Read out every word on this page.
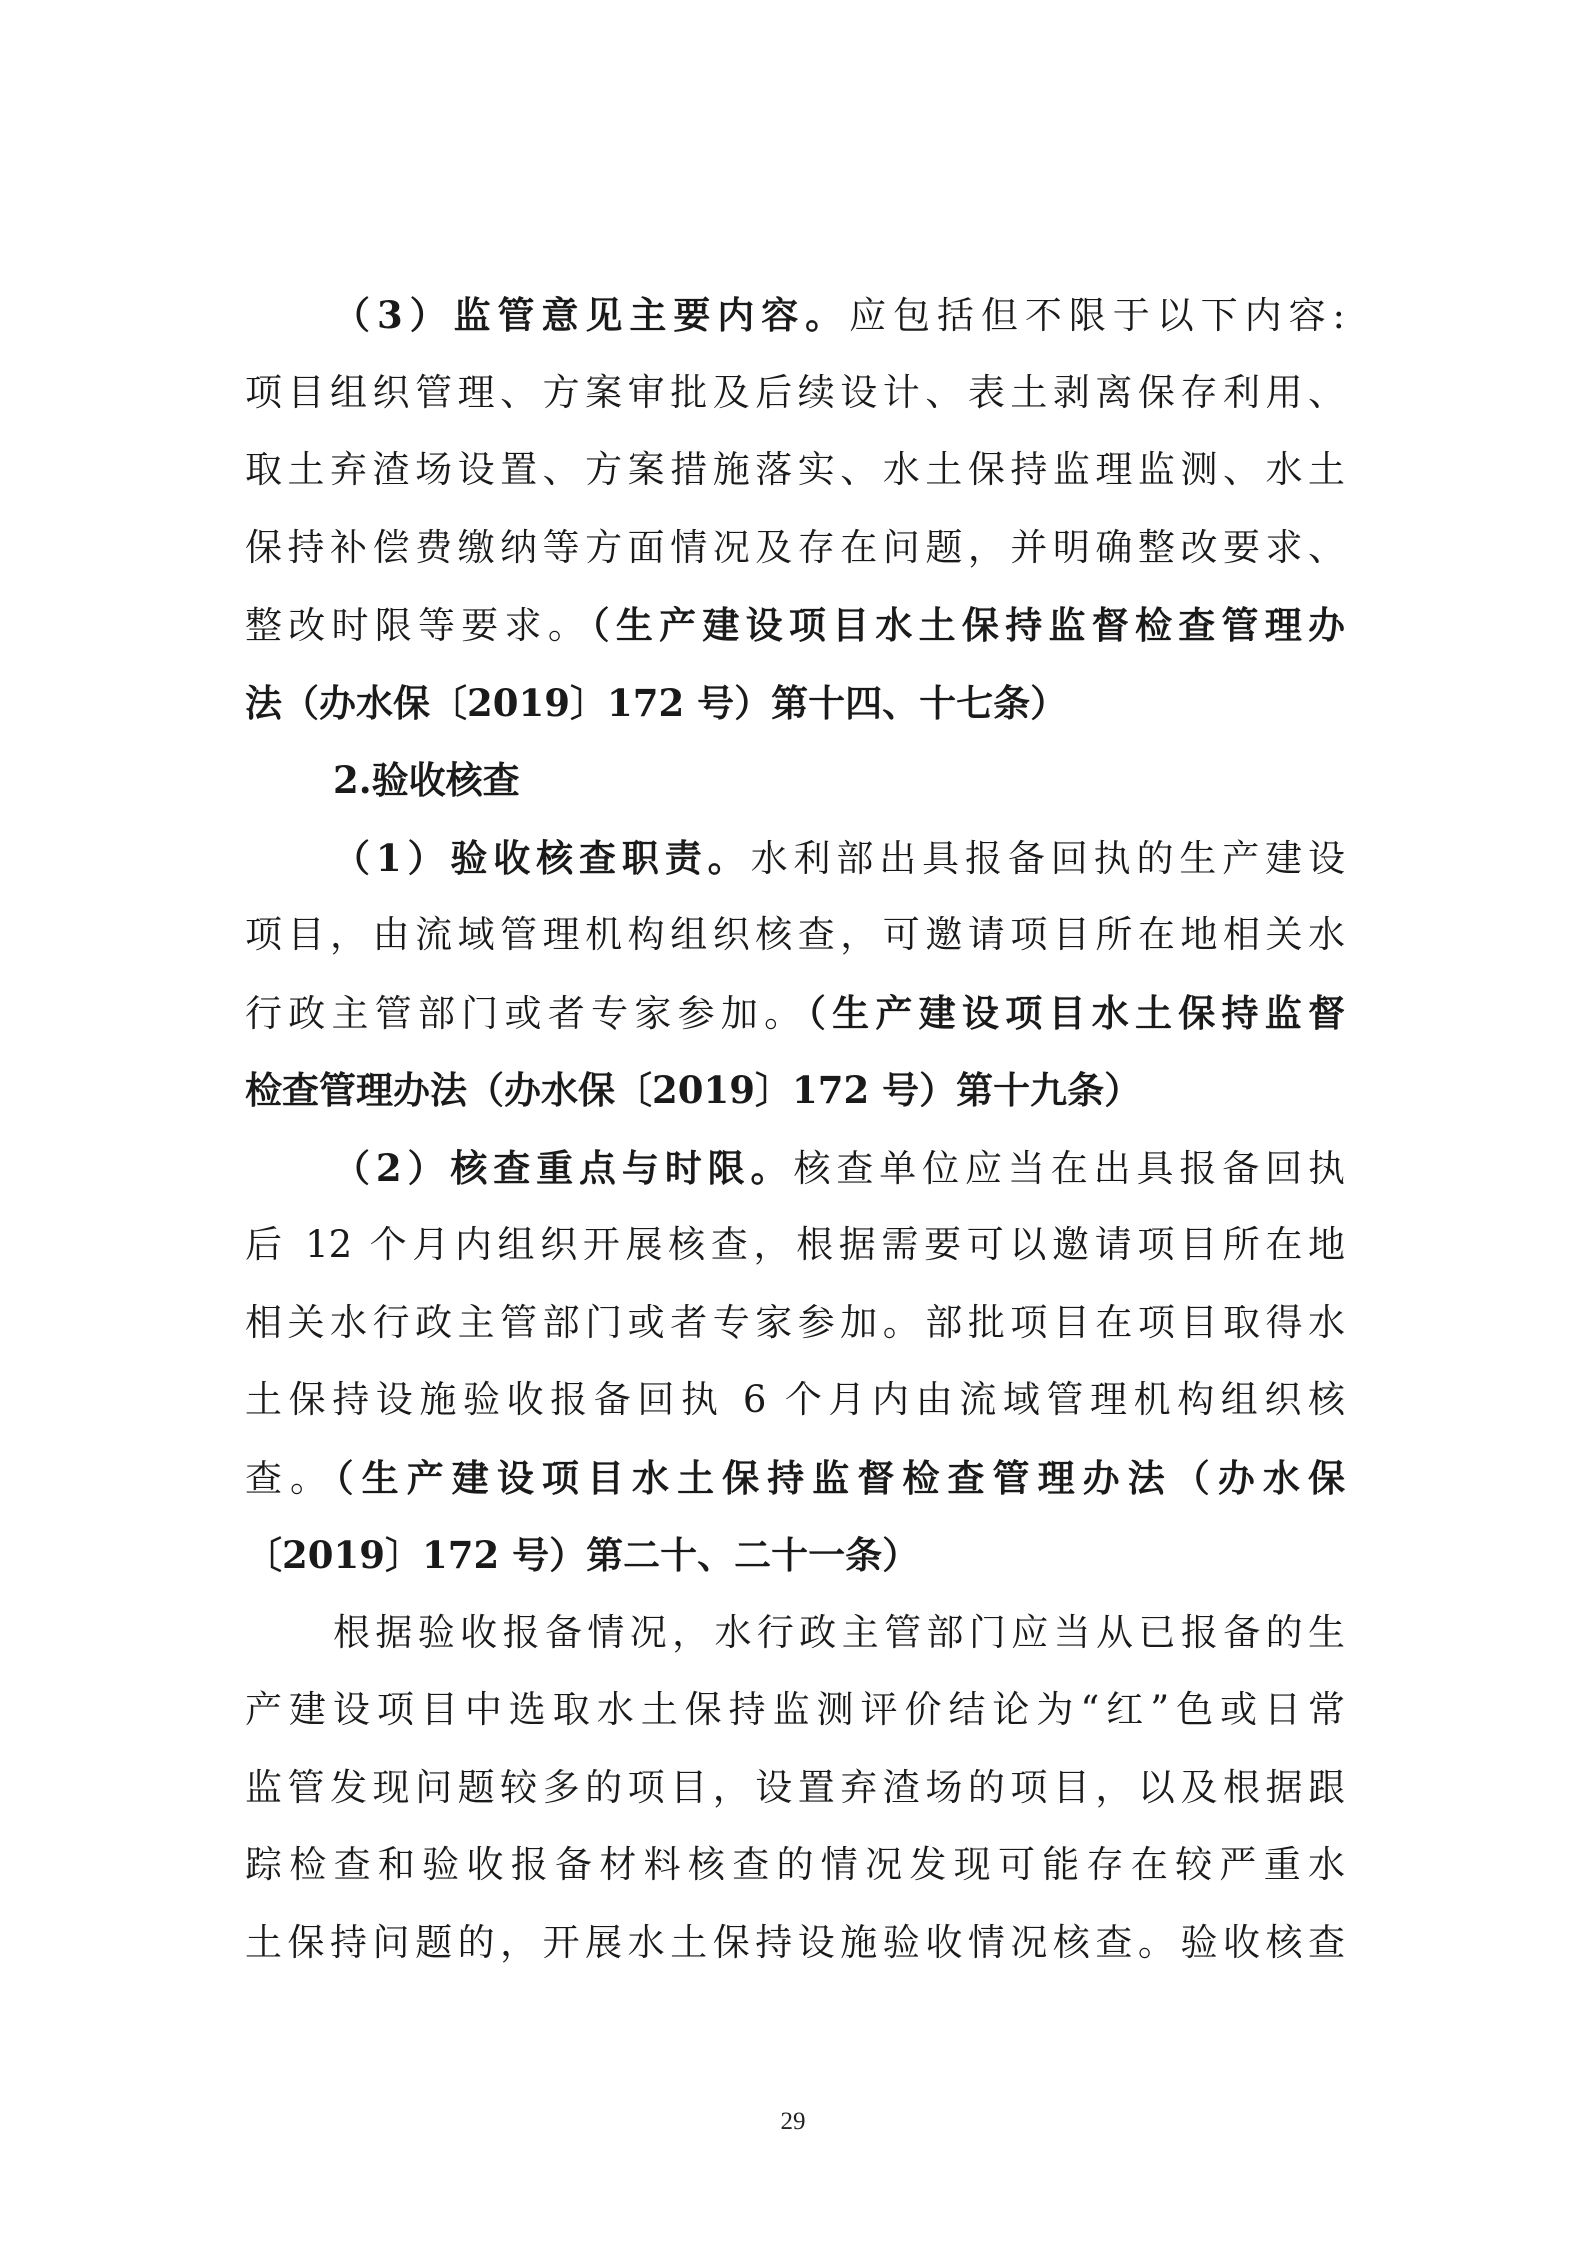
（3）监管意见主要内容。应包括但不限于以下内容:
项目组织管理、方案审批及后续设计、表土剥离保存利用、
取土弃渣场设置、方案措施落实、水土保持监理监测、水土
保持补偿费缴纳等方面情况及存在问题，并明确整改要求、
整改时限等要求。（生产建设项目水土保持监督检查管理办
法（办水保〔2019〕172 号）第十四、十七条）
2.验收核查
（1）验收核查职责。水利部出具报备回执的生产建设
项目，由流域管理机构组织核查，可邀请项目所在地相关水
行政主管部门或者专家参加。（生产建设项目水土保持监督
检查管理办法（办水保〔2019〕172 号）第十九条）
（2）核查重点与时限。核查单位应当在出具报备回执
后 12 个月内组织开展核查，根据需要可以邀请项目所在地
相关水行政主管部门或者专家参加。部批项目在项目取得水
土保持设施验收报备回执 6 个月内由流域管理机构组织核
查。（生产建设项目水土保持监督检查管理办法（办水保
〔2019〕172 号）第二十、二十一条）
根据验收报备情况，水行政主管部门应当从已报备的生
产建设项目中选取水土保持监测评价结论为“红”色或日常
监管发现问题较多的项目，设置弃渣场的项目，以及根据跟
踪检查和验收报备材料核查的情况发现可能存在较严重水
土保持问题的，开展水土保持设施验收情况核查。验收核查
29
